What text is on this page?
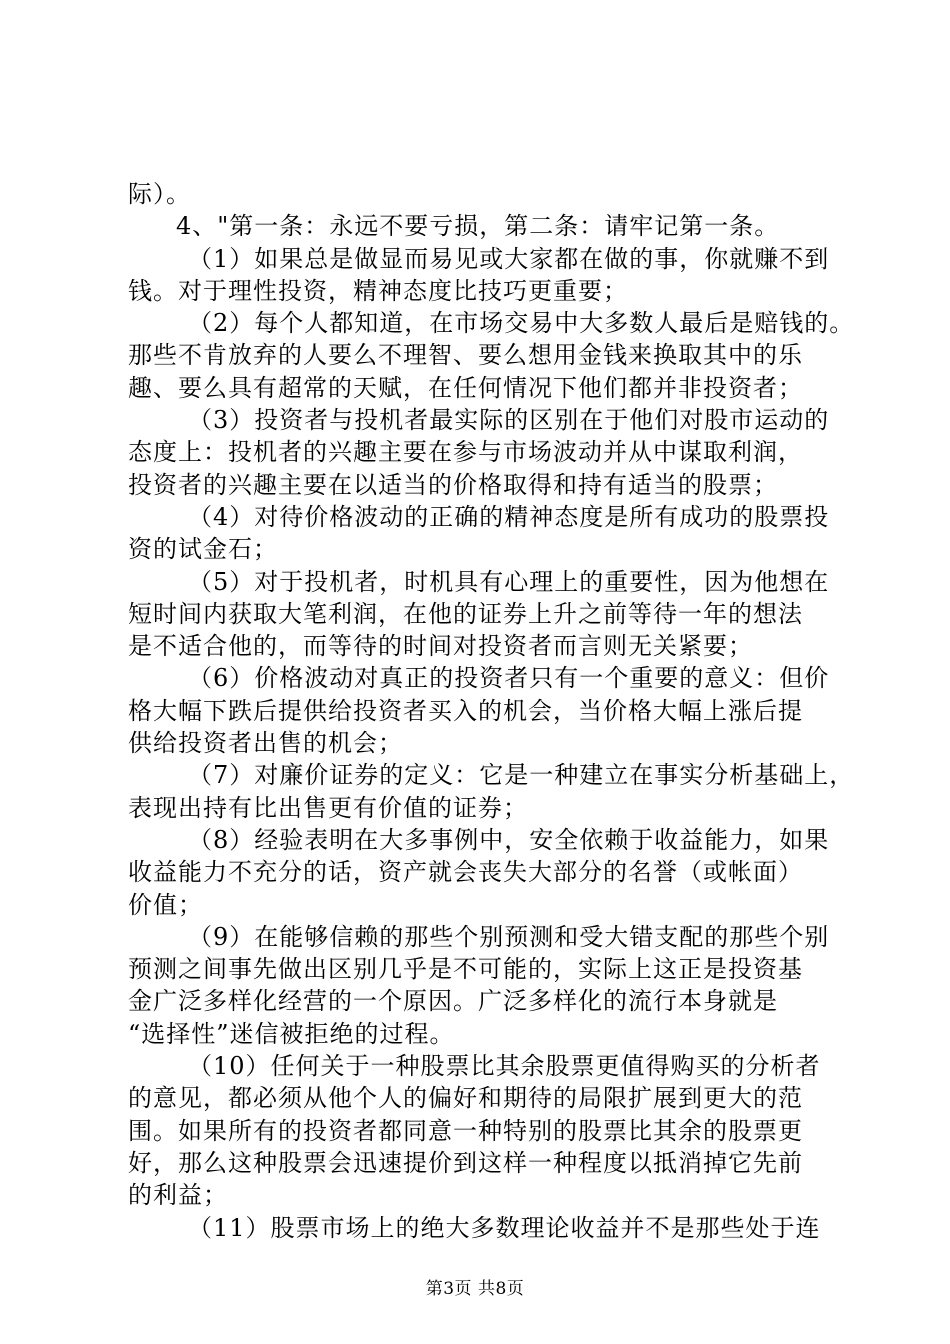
际）。
4、"第一条：永远不要亏损，第二条：请牢记第一条。
（1）如果总是做显而易见或大家都在做的事，你就赚不到
钱。对于理性投资，精神态度比技巧更重要；
（2）每个人都知道，在市场交易中大多数人最后是赔钱的。
那些不肯放弃的人要么不理智、要么想用金钱来换取其中的乐
趣、要么具有超常的天赋，在任何情况下他们都并非投资者；
（3）投资者与投机者最实际的区别在于他们对股市运动的
态度上：投机者的兴趣主要在参与市场波动并从中谋取利润，
投资者的兴趣主要在以适当的价格取得和持有适当的股票；
（4）对待价格波动的正确的精神态度是所有成功的股票投
资的试金石；
（5）对于投机者，时机具有心理上的重要性，因为他想在
短时间内获取大笔利润，在他的证券上升之前等待一年的想法
是不适合他的，而等待的时间对投资者而言则无关紧要；
（6）价格波动对真正的投资者只有一个重要的意义：但价
格大幅下跌后提供给投资者买入的机会，当价格大幅上涨后提
供给投资者出售的机会；
（7）对廉价证券的定义：它是一种建立在事实分析基础上，
表现出持有比出售更有价值的证券；
（8）经验表明在大多事例中，安全依赖于收益能力，如果
收益能力不充分的话，资产就会丧失大部分的名誉（或帐面）
价值；
（9）在能够信赖的那些个别预测和受大错支配的那些个别
预测之间事先做出区别几乎是不可能的，实际上这正是投资基
金广泛多样化经营的一个原因。广泛多样化的流行本身就是
“选择性”迷信被拒绝的过程。
（10）任何关于一种股票比其余股票更值得购买的分析者
的意见，都必须从他个人的偏好和期待的局限扩展到更大的范
围。如果所有的投资者都同意一种特别的股票比其余的股票更
好，那么这种股票会迅速提价到这样一种程度以抵消掉它先前
的利益；
（11）股票市场上的绝大多数理论收益并不是那些处于连
第3页 共8页
